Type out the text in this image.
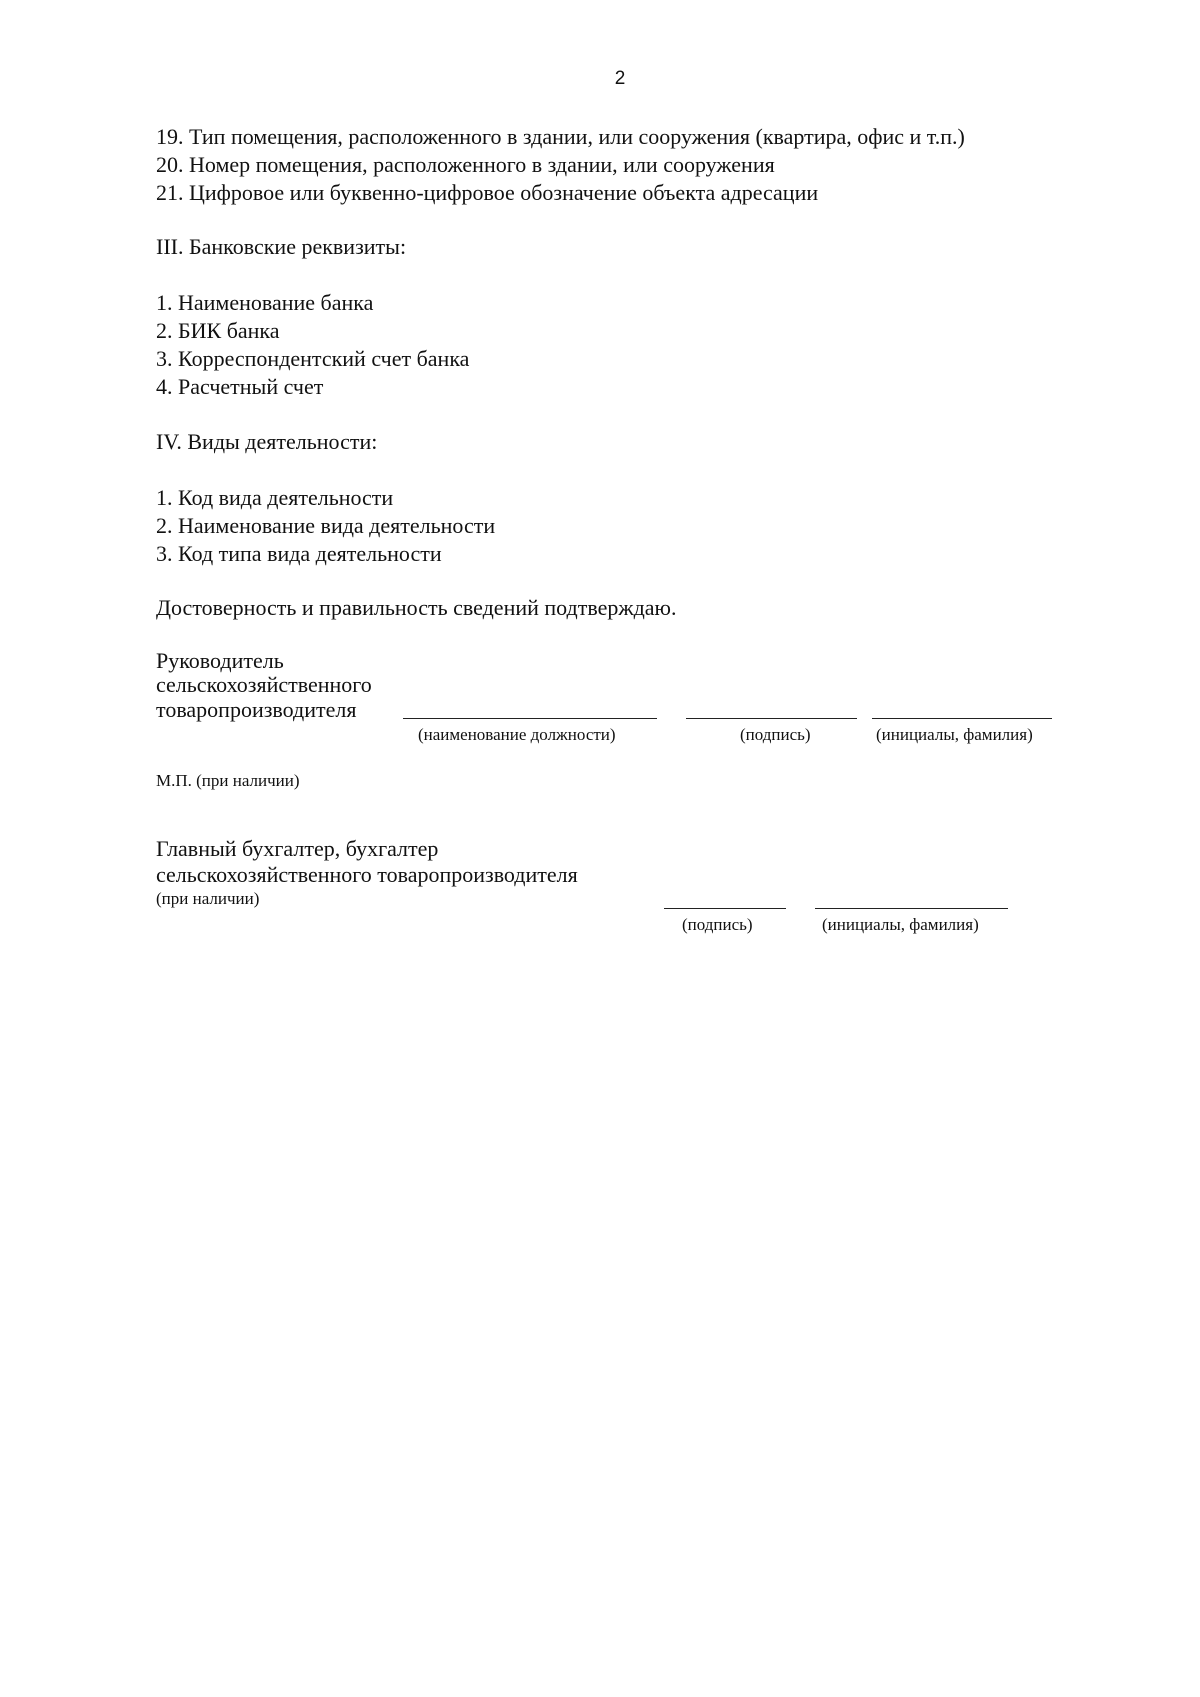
2
19. Тип помещения, расположенного в здании, или сооружения (квартира, офис и т.п.)
20. Номер помещения, расположенного в здании, или сооружения
21. Цифровое или буквенно-цифровое обозначение объекта адресации
III. Банковские реквизиты:
1. Наименование банка
2. БИК банка
3. Корреспондентский счет банка
4. Расчетный счет
IV. Виды деятельности:
1. Код вида деятельности
2. Наименование вида деятельности
3. Код типа вида деятельности
Достоверность и правильность сведений подтверждаю.
Руководитель
сельскохозяйственного
товаропроизводителя
(наименование должности)	(подпись)	(инициалы, фамилия)
М.П. (при наличии)
Главный бухгалтер, бухгалтер
сельскохозяйственного товаропроизводителя
(при наличии)
(подпись)	(инициалы, фамилия)
